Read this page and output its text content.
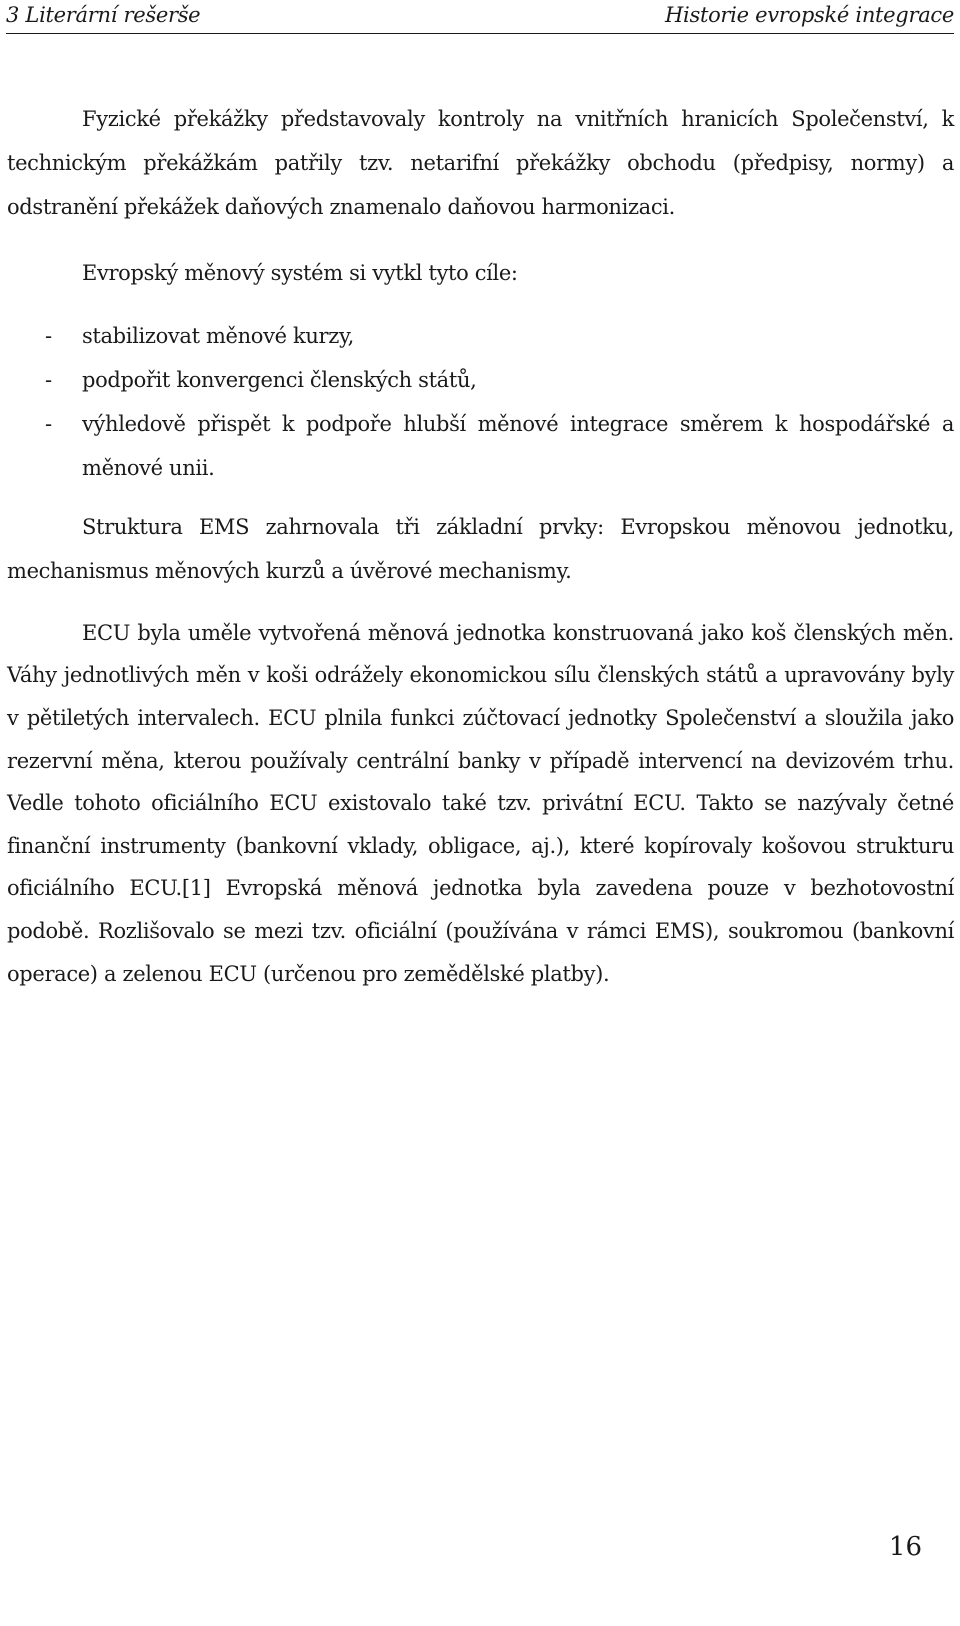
3 Literární rešerše	Historie evropské integrace

Fyzické překážky představovaly kontroly na vnitřních hranicích Společenství, k technickým překážkám patřily tzv. netarifní překážky obchodu (předpisy, normy) a odstranění překážek daňových znamenalo daňovou harmonizaci.

Evropský měnový systém si vytkl tyto cíle:

- stabilizovat měnové kurzy,
- podpořit konvergenci členských států,
- výhledově přispět k podpoře hlubší měnové integrace směrem k hospodářské a měnové unii.

Struktura EMS zahrnovala tři základní prvky: Evropskou měnovou jednotku, mechanismus měnových kurzů a úvěrové mechanismy.

ECU byla uměle vytvořená měnová jednotka konstruovaná jako koš členských měn. Váhy jednotlivých měn v koši odrážely ekonomickou sílu členských států a upravovány byly v pětiletých intervalech. ECU plnila funkci zúčtovací jednotky Společenství a sloužila jako rezervní měna, kterou používaly centrální banky v případě intervencí na devizovém trhu. Vedle tohoto oficiálního ECU existovalo také tzv. privátní ECU. Takto se nazývaly četné finanční instrumenty (bankovní vklady, obligace, aj.), které kopírovaly košovou strukturu oficiálního ECU.[1] Evropská měnová jednotka byla zavedena pouze v bezhotovostní podobě. Rozlišovalo se mezi tzv. oficiální (používána v rámci EMS), soukromou (bankovní operace) a zelenou ECU (určenou pro zemědělské platby).

16
